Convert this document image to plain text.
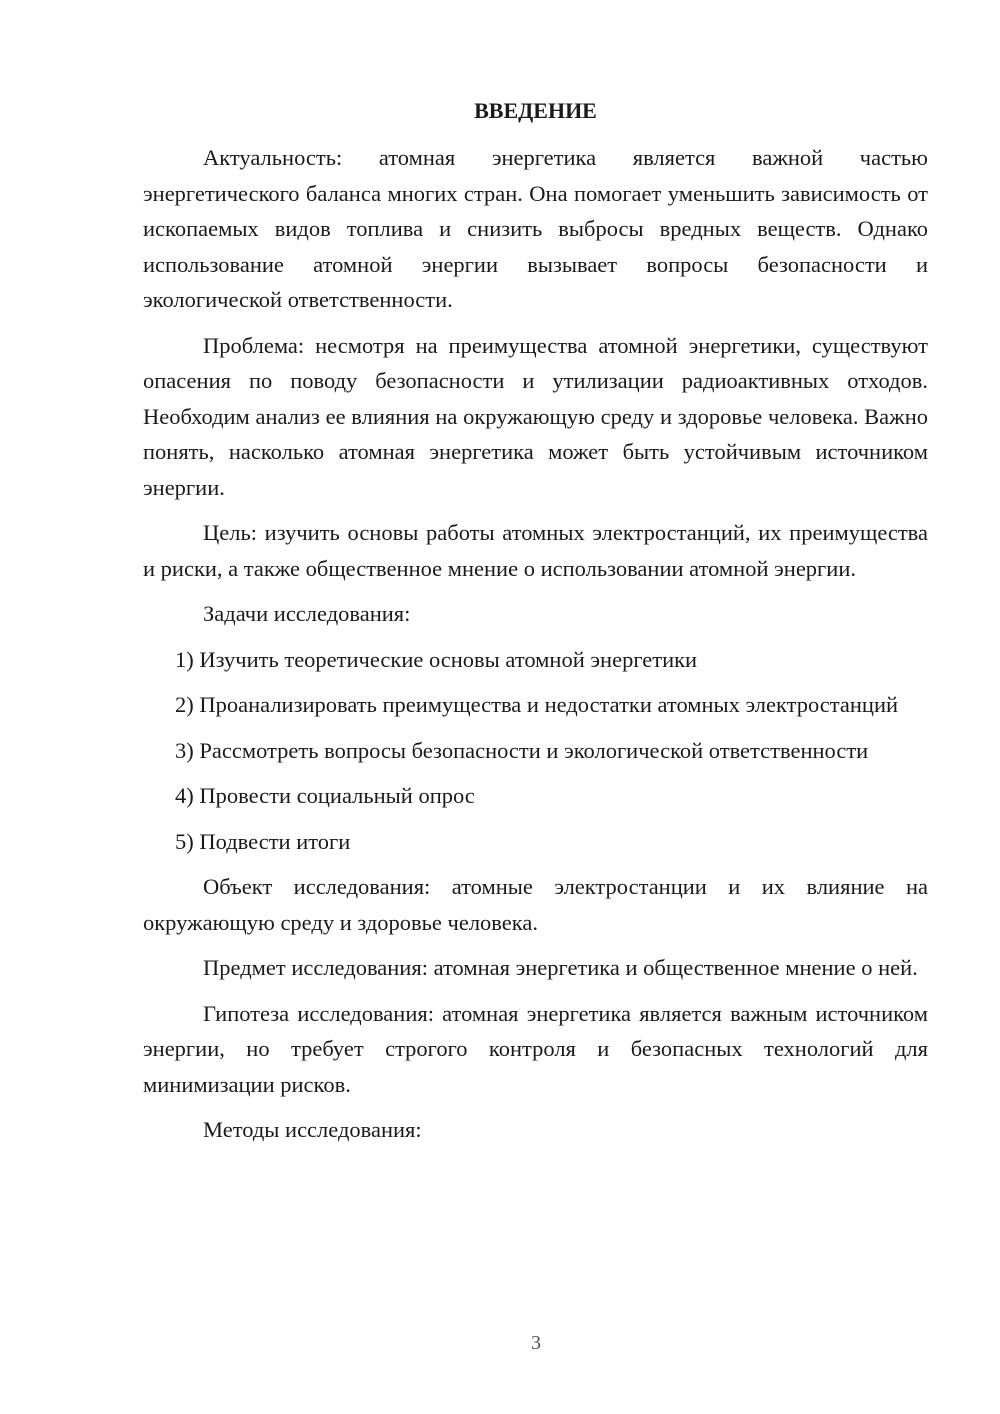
ВВЕДЕНИЕ

Актуальность: атомная энергетика является важной частью энергетического баланса многих стран. Она помогает уменьшить зависимость от ископаемых видов топлива и снизить выбросы вредных веществ. Однако использование атомной энергии вызывает вопросы безопасности и экологической ответственности.

Проблема: несмотря на преимущества атомной энергетики, существуют опасения по поводу безопасности и утилизации радиоактивных отходов. Необходим анализ ее влияния на окружающую среду и здоровье человека. Важно понять, насколько атомная энергетика может быть устойчивым источником энергии.

Цель: изучить основы работы атомных электростанций, их преимущества и риски, а также общественное мнение о использовании атомной энергии.

Задачи исследования:

1) Изучить теоретические основы атомной энергетики

2) Проанализировать преимущества и недостатки атомных электростанций

3) Рассмотреть вопросы безопасности и экологической ответственности

4) Провести социальный опрос

5) Подвести итоги

Объект исследования: атомные электростанции и их влияние на окружающую среду и здоровье человека.

Предмет исследования: атомная энергетика и общественное мнение о ней.

Гипотеза исследования: атомная энергетика является важным источником энергии, но требует строгого контроля и безопасных технологий для минимизации рисков.

Методы исследования:

3
